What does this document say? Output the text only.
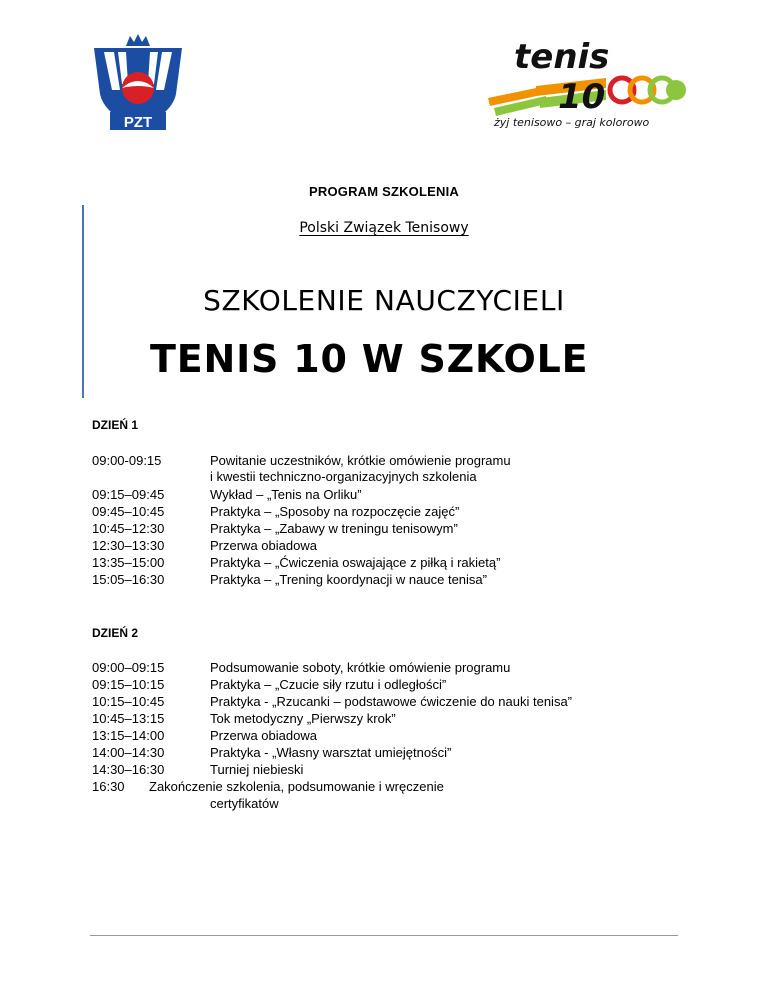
PZT
tenis
10
żyj tenisowo – graj kolorowo
PROGRAM SZKOLENIA
Polski Związek Tenisowy
SZKOLENIE NAUCZYCIELI
TENIS 10 W SZKOLE
DZIEŃ 1
09:00-09:15	Powitanie uczestników, krótkie omówienie programu
i kwestii techniczno-organizacyjnych szkolenia
09:15–09:45	Wykład – „Tenis na Orliku”
09:45–10:45	Praktyka – „Sposoby na rozpoczęcie zajęć”
10:45–12:30	Praktyka – „Zabawy w treningu tenisowym”
12:30–13:30	Przerwa obiadowa
13:35–15:00	Praktyka – „Ćwiczenia oswajające z piłką i rakietą”
15:05–16:30	Praktyka – „Trening koordynacji w nauce tenisa”
DZIEŃ 2
09:00–09:15	Podsumowanie soboty, krótkie omówienie programu
09:15–10:15	Praktyka – „Czucie siły rzutu i odległości”
10:15–10:45	Praktyka - „Rzucanki – podstawowe ćwiczenie do nauki tenisa”
10:45–13:15	Tok metodyczny „Pierwszy krok”
13:15–14:00	Przerwa obiadowa
14:00–14:30	Praktyka - „Własny warsztat umiejętności”
14:30–16:30	Turniej niebieski
16:30 Zakończenie szkolenia, podsumowanie i wręczenie
certyfikatów
